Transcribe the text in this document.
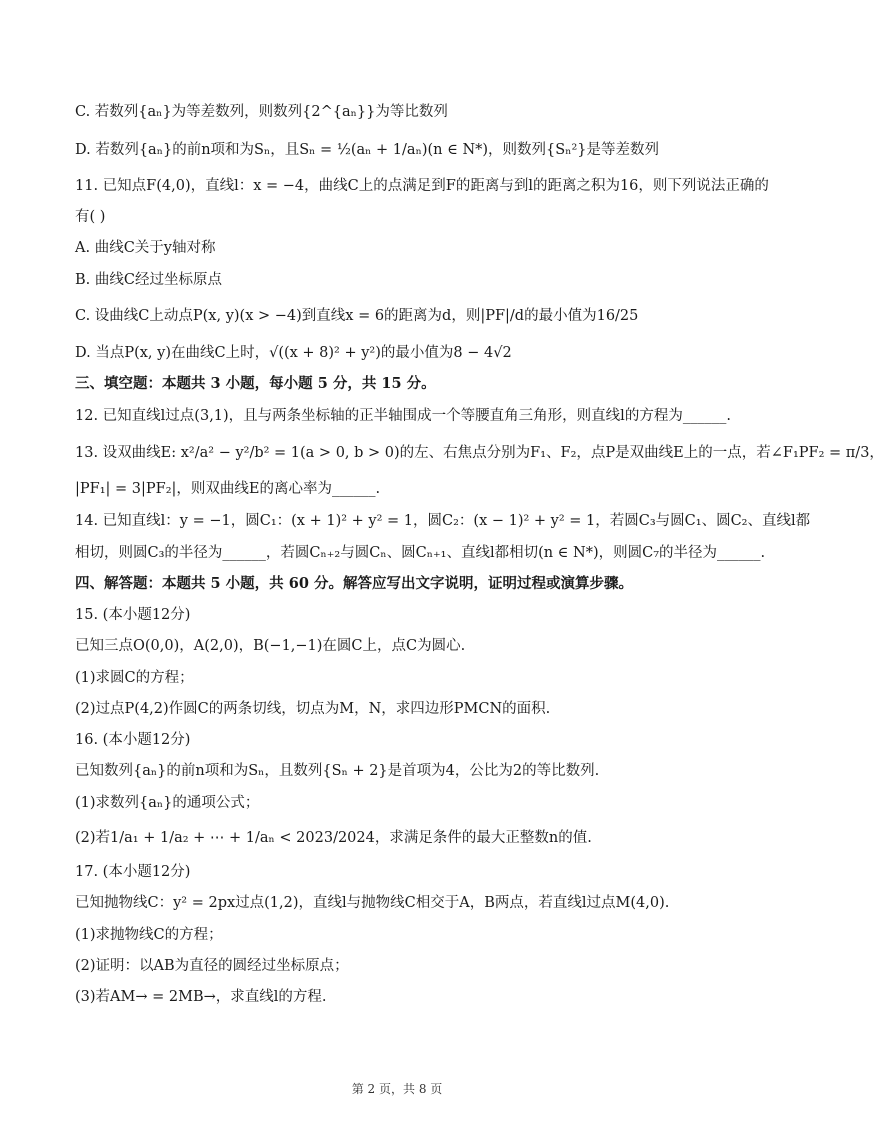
C. 若数列{aₙ}为等差数列，则数列{2^{aₙ}}为等比数列
D. 若数列{aₙ}的前n项和为Sₙ，且Sₙ = ½(aₙ + 1/aₙ)(n ∈ N*)，则数列{Sₙ²}是等差数列
11. 已知点F(4,0)，直线l：x = −4，曲线C上的点满足到F的距离与到l的距离之积为16，则下列说法正确的
有( )
A. 曲线C关于y轴对称
B. 曲线C经过坐标原点
C. 设曲线C上动点P(x, y)(x > −4)到直线x = 6的距离为d，则|PF|/d的最小值为16/25
D. 当点P(x, y)在曲线C上时，√((x + 8)² + y²)的最小值为8 − 4√2
三、填空题：本题共 3 小题，每小题 5 分，共 15 分。
12. 已知直线l过点(3,1)，且与两条坐标轴的正半轴围成一个等腰直角三角形，则直线l的方程为______.
13. 设双曲线E: x²/a² − y²/b² = 1(a > 0, b > 0)的左、右焦点分别为F₁、F₂，点P是双曲线E上的一点，若∠F₁PF₂ = π/3，
|PF₁| = 3|PF₂|，则双曲线E的离心率为______.
14. 已知直线l：y = −1，圆C₁：(x + 1)² + y² = 1，圆C₂：(x − 1)² + y² = 1，若圆C₃与圆C₁、圆C₂、直线l都
相切，则圆C₃的半径为______，若圆Cₙ₊₂与圆Cₙ、圆Cₙ₊₁、直线l都相切(n ∈ N*)，则圆C₇的半径为______.
四、解答题：本题共 5 小题，共 60 分。解答应写出文字说明，证明过程或演算步骤。
15. (本小题12分)
已知三点O(0,0)，A(2,0)，B(−1,−1)在圆C上，点C为圆心.
(1)求圆C的方程；
(2)过点P(4,2)作圆C的两条切线，切点为M，N，求四边形PMCN的面积.
16. (本小题12分)
已知数列{aₙ}的前n项和为Sₙ，且数列{Sₙ + 2}是首项为4，公比为2的等比数列.
(1)求数列{aₙ}的通项公式；
(2)若1/a₁ + 1/a₂ + ⋯ + 1/aₙ < 2023/2024，求满足条件的最大正整数n的值.
17. (本小题12分)
已知抛物线C：y² = 2px过点(1,2)，直线l与抛物线C相交于A，B两点，若直线l过点M(4,0).
(1)求抛物线C的方程；
(2)证明：以AB为直径的圆经过坐标原点；
(3)若AM→ = 2MB→，求直线l的方程.
第 2 页，共 8 页
